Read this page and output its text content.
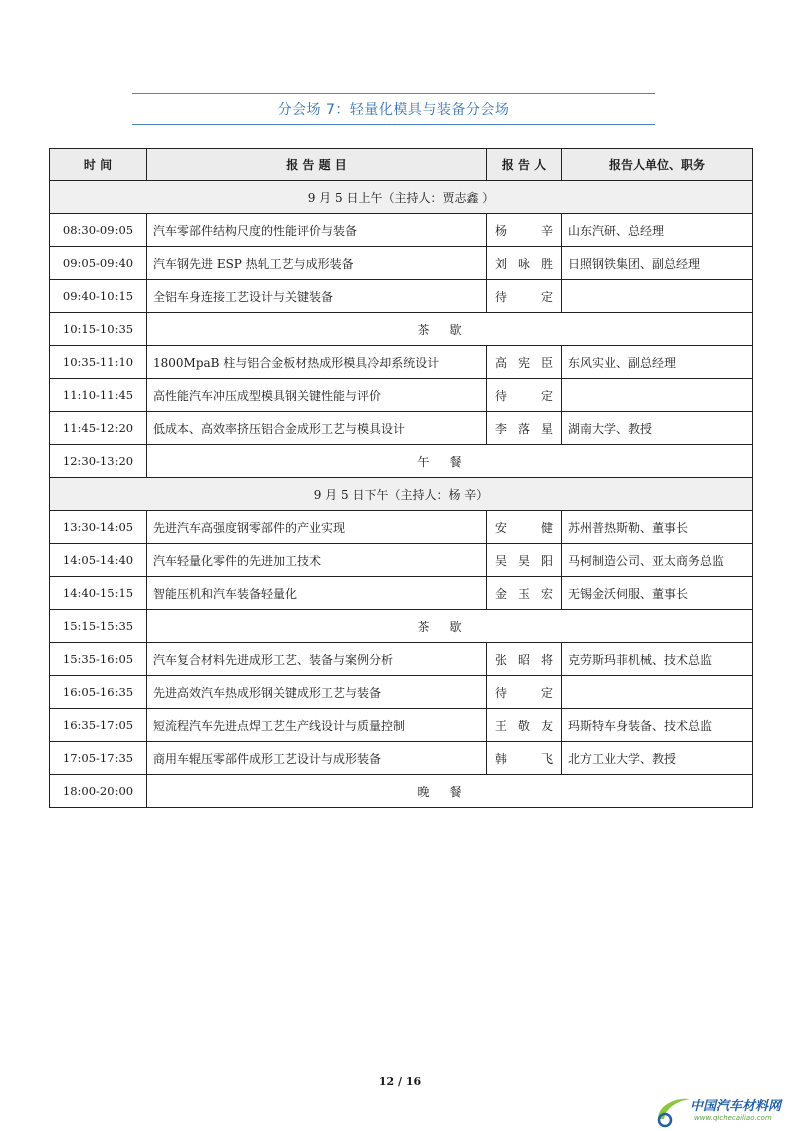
分会场 7：轻量化模具与装备分会场
时 间	报 告 题 目	报 告 人	报告人单位、职务
9 月 5 日上午（主持人：贾志鑫 ）			
08:30-09:05	汽车零部件结构尺度的性能评价与装备	杨辛	山东汽研、总经理
09:05-09:40	汽车钢先进 ESP 热轧工艺与成形装备	刘咏胜	日照钢铁集团、副总经理
09:40-10:15	全铝车身连接工艺设计与关键装备	待定	
10:15-10:35	茶歇		
10:35-11:10	1800MpaB 柱与铝合金板材热成形模具冷却系统设计	高宪臣	东风实业、副总经理
11:10-11:45	高性能汽车冲压成型模具钢关键性能与评价	待定	
11:45-12:20	低成本、高效率挤压铝合金成形工艺与模具设计	李落星	湖南大学、教授
12:30-13:20	午餐		
9 月 5 日下午（主持人：杨 辛）			
13:30-14:05	先进汽车高强度钢零部件的产业实现	安健	苏州普热斯勒、董事长
14:05-14:40	汽车轻量化零件的先进加工技术	吴昊阳	马柯制造公司、亚太商务总监
14:40-15:15	智能压机和汽车装备轻量化	金玉宏	无锡金沃伺服、董事长
15:15-15:35	茶歇		
15:35-16:05	汽车复合材料先进成形工艺、装备与案例分析	张昭将	克劳斯玛菲机械、技术总监
16:05-16:35	先进高效汽车热成形钢关键成形工艺与装备	待定	
16:35-17:05	短流程汽车先进点焊工艺生产线设计与质量控制	王敬友	玛斯特车身装备、技术总监
17:05-17:35	商用车辊压零部件成形工艺设计与成形装备	韩飞	北方工业大学、教授
18:00-20:00	晚餐		
12 / 16
中国汽车材料网
www.qichecailiao.com
